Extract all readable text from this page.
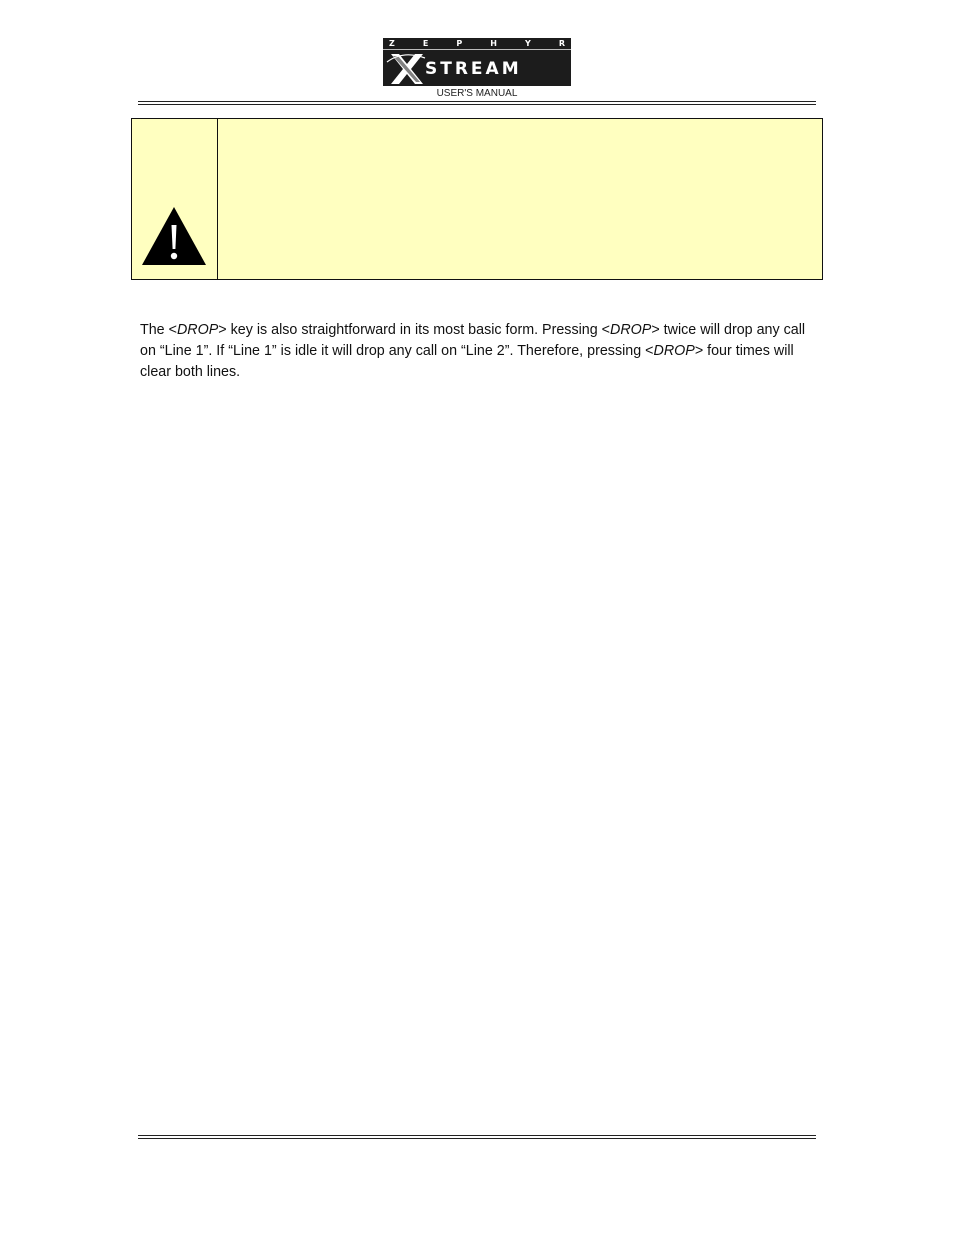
Z	E	P	H	Y	R
STREAM
USER'S MANUAL

The <DROP> key is also straightforward in its most basic form. Pressing <DROP> twice will drop any call on “Line 1”. If “Line 1” is idle it will drop any call on “Line 2”. Therefore, pressing <DROP> four times will clear both lines.
